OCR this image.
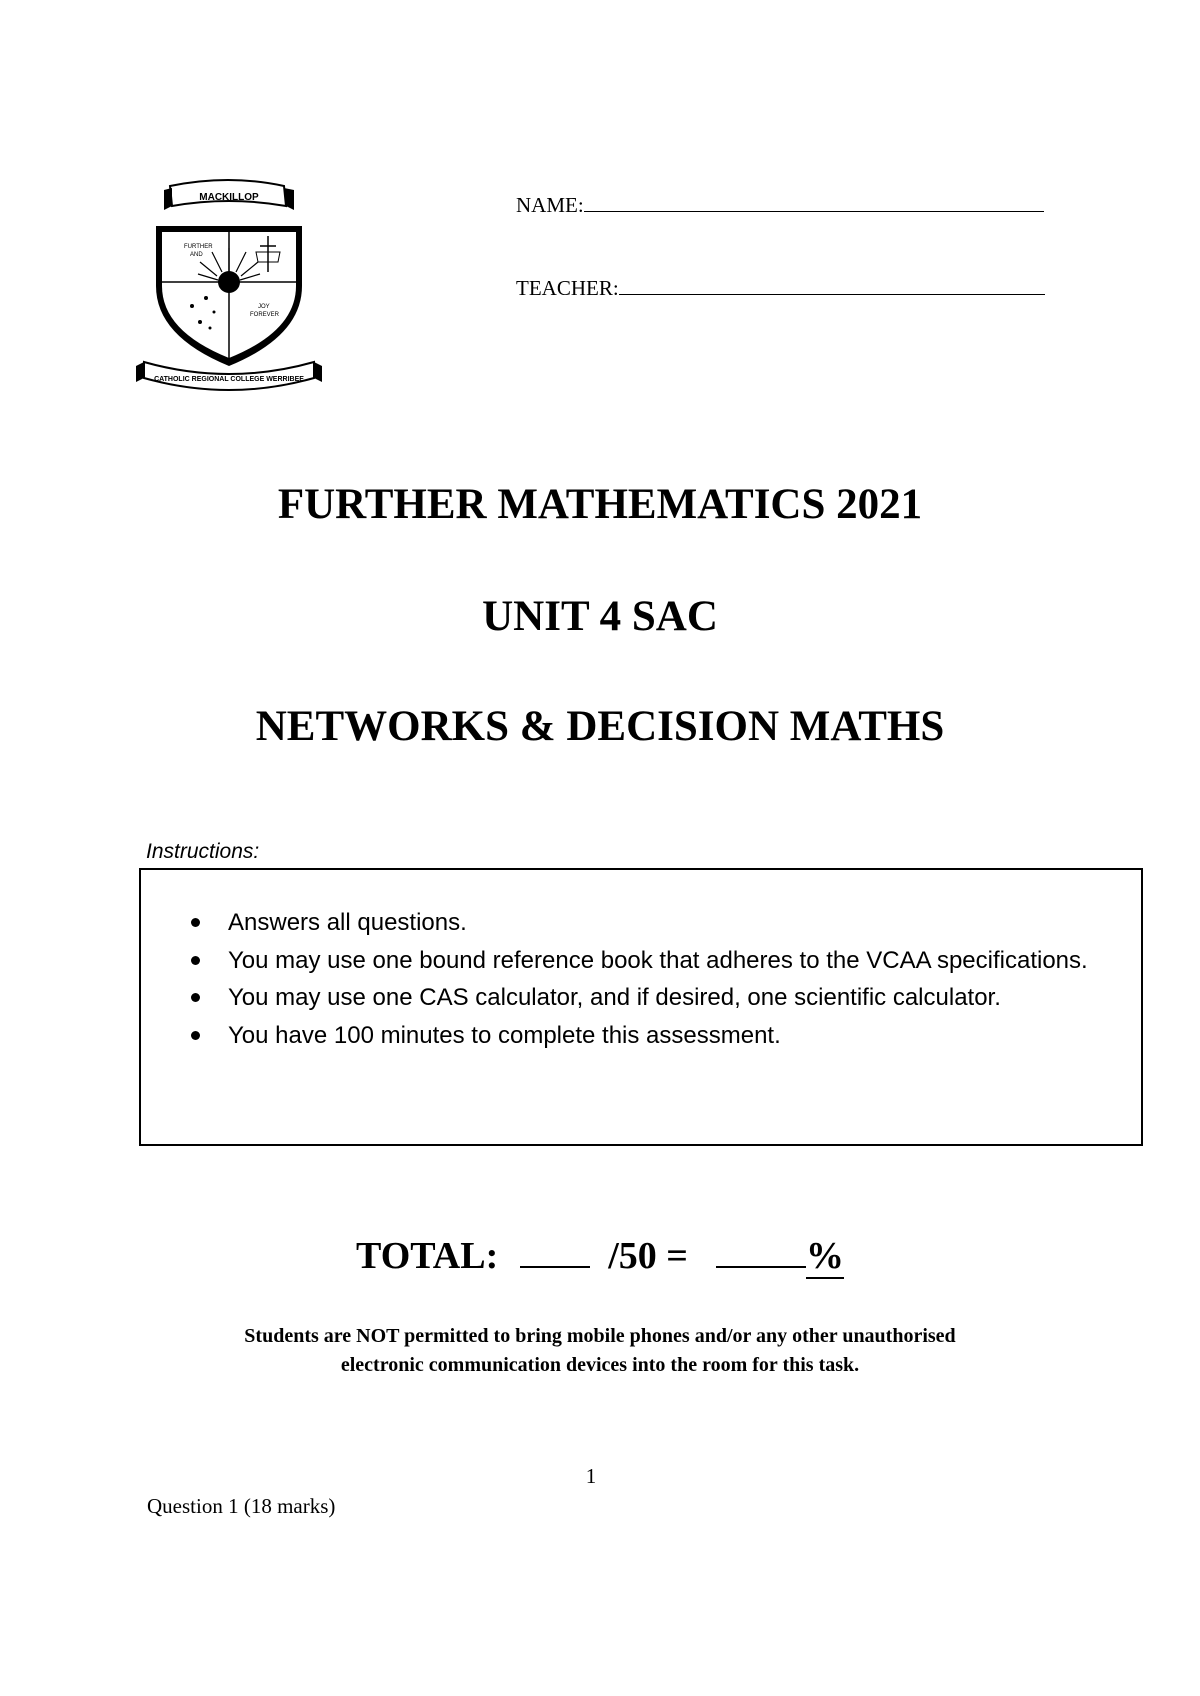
MACKILLOP
FURTHER
AND
JOY
FOREVER
CATHOLIC REGIONAL COLLEGE WERRIBEE
NAME:
TEACHER:
FURTHER MATHEMATICS 2021
UNIT 4 SAC
NETWORKS & DECISION MATHS
Instructions:
Answers all questions.
You may use one bound reference book that adheres to the VCAA specifications.
You may use one CAS calculator, and if desired, one scientific calculator.
You have 100 minutes to complete this assessment.
TOTAL:	/50 =	%
Students are NOT permitted to bring mobile phones and/or any other unauthorised
electronic communication devices into the room for this task.
1
Question 1 (18 marks)
